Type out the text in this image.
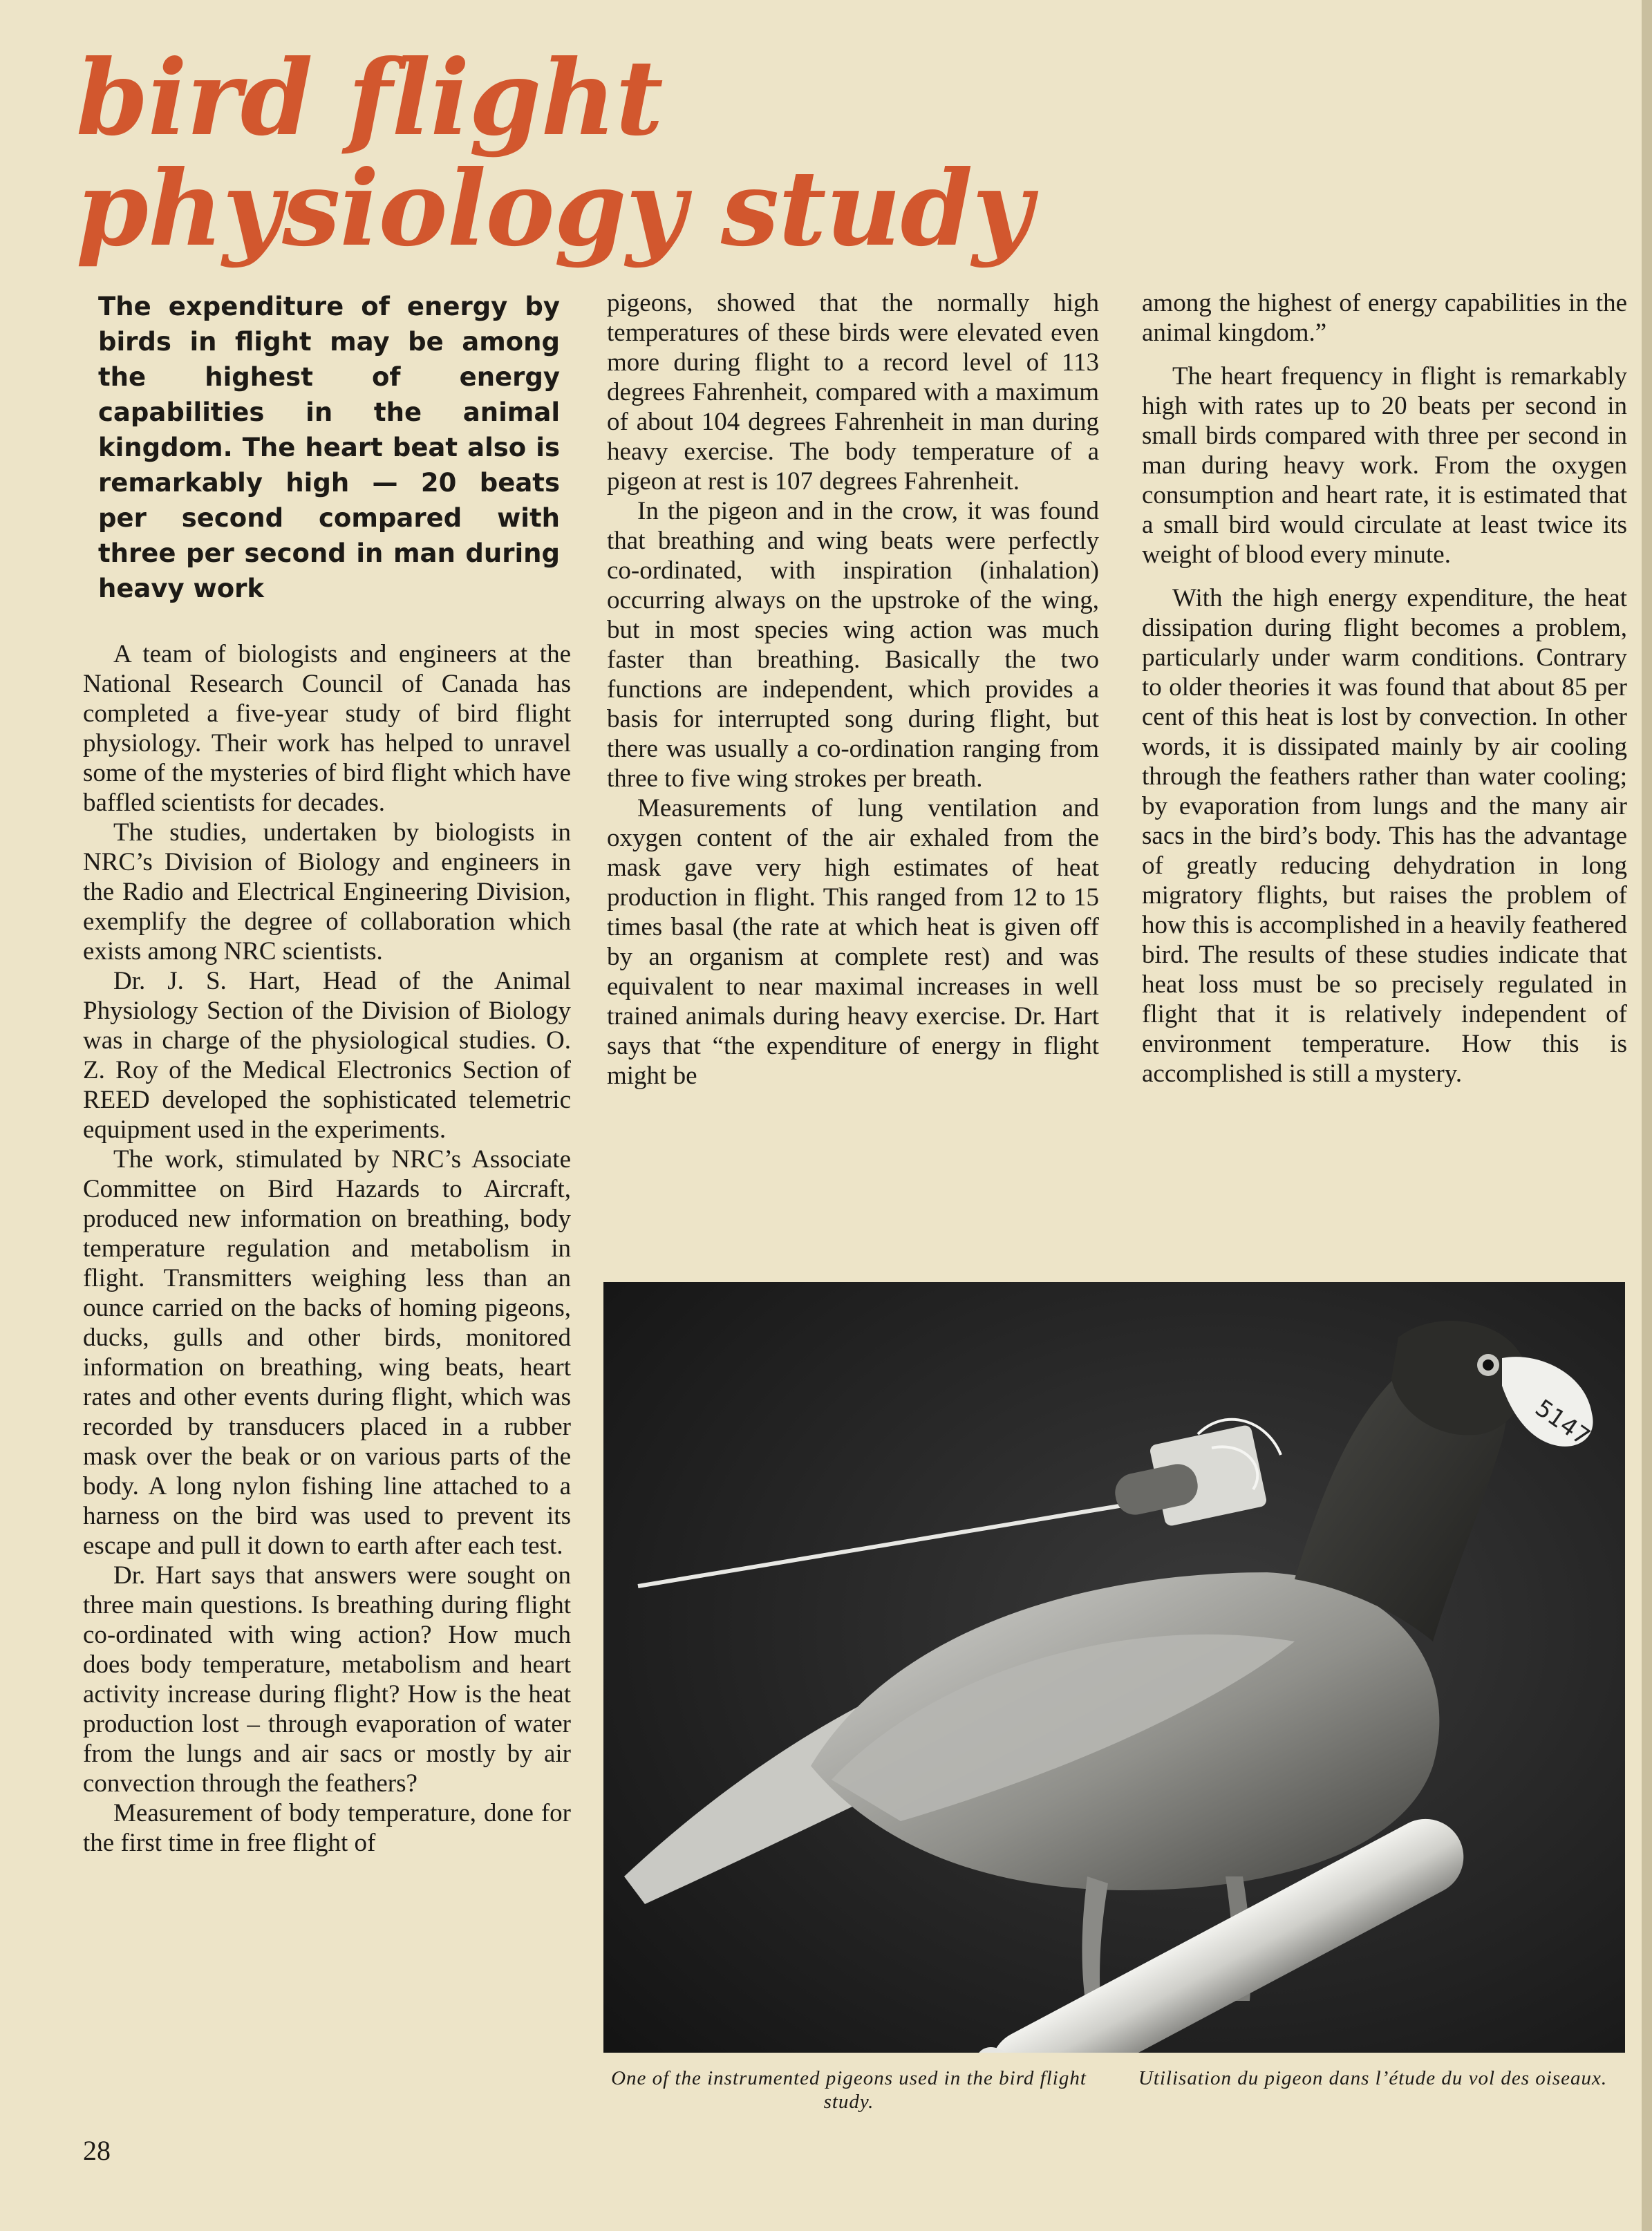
bird flight
physiology study

The expenditure of energy by birds in flight may be among the highest of energy capabilities in the animal kingdom. The heart beat also is remarkably high — 20 beats per second compared with three per second in man during heavy work

A team of biologists and engineers at the National Research Council of Canada has completed a five-year study of bird flight physiology. Their work has helped to unravel some of the mysteries of bird flight which have baffled scientists for decades.

The studies, undertaken by biologists in NRC’s Division of Biology and engineers in the Radio and Electrical Engineering Division, exemplify the degree of collaboration which exists among NRC scientists.

Dr. J. S. Hart, Head of the Animal Physiology Section of the Division of Biology was in charge of the physiological studies. O. Z. Roy of the Medical Electronics Section of REED developed the sophisticated telemetric equipment used in the experiments.

The work, stimulated by NRC’s Associate Committee on Bird Hazards to Aircraft, produced new information on breathing, body temperature regulation and metabolism in flight. Transmitters weighing less than an ounce carried on the backs of homing pigeons, ducks, gulls and other birds, monitored information on breathing, wing beats, heart rates and other events during flight, which was recorded by transducers placed in a rubber mask over the beak or on various parts of the body. A long nylon fishing line attached to a harness on the bird was used to prevent its escape and pull it down to earth after each test.

Dr. Hart says that answers were sought on three main questions. Is breathing during flight co-ordinated with wing action? How much does body temperature, metabolism and heart activity increase during flight? How is the heat production lost – through evaporation of water from the lungs and air sacs or mostly by air convection through the feathers?

Measurement of body temperature, done for the first time in free flight of

pigeons, showed that the normally high temperatures of these birds were elevated even more during flight to a record level of 113 degrees Fahrenheit, compared with a maximum of about 104 degrees Fahrenheit in man during heavy exercise. The body temperature of a pigeon at rest is 107 degrees Fahrenheit.

In the pigeon and in the crow, it was found that breathing and wing beats were perfectly co-ordinated, with inspiration (inhalation) occurring always on the upstroke of the wing, but in most species wing action was much faster than breathing. Basically the two functions are independent, which provides a basis for interrupted song during flight, but there was usually a co-ordination ranging from three to five wing strokes per breath.

Measurements of lung ventilation and oxygen content of the air exhaled from the mask gave very high estimates of heat production in flight. This ranged from 12 to 15 times basal (the rate at which heat is given off by an organism at complete rest) and was equivalent to near maximal increases in well trained animals during heavy exercise. Dr. Hart says that “the expenditure of energy in flight might be

among the highest of energy capabilities in the animal kingdom.”

The heart frequency in flight is remarkably high with rates up to 20 beats per second in small birds compared with three per second in man during heavy work. From the oxygen consumption and heart rate, it is estimated that a small bird would circulate at least twice its weight of blood every minute.

With the high energy expenditure, the heat dissipation during flight becomes a problem, particularly under warm conditions. Contrary to older theories it was found that about 85 per cent of this heat is lost by convection. In other words, it is dissipated mainly by air cooling through the feathers rather than water cooling; by evaporation from lungs and the many air sacs in the bird’s body. This has the advantage of greatly reducing dehydration in long migratory flights, but raises the problem of how this is accomplished in a heavily feathered bird. The results of these studies indicate that heat loss must be so precisely regulated in flight that it is relatively independent of environment temperature. How this is accomplished is still a mystery.

5147

One of the instrumented pigeons used in the bird flight study.

Utilisation du pigeon dans l’étude du vol des oiseaux.

28
